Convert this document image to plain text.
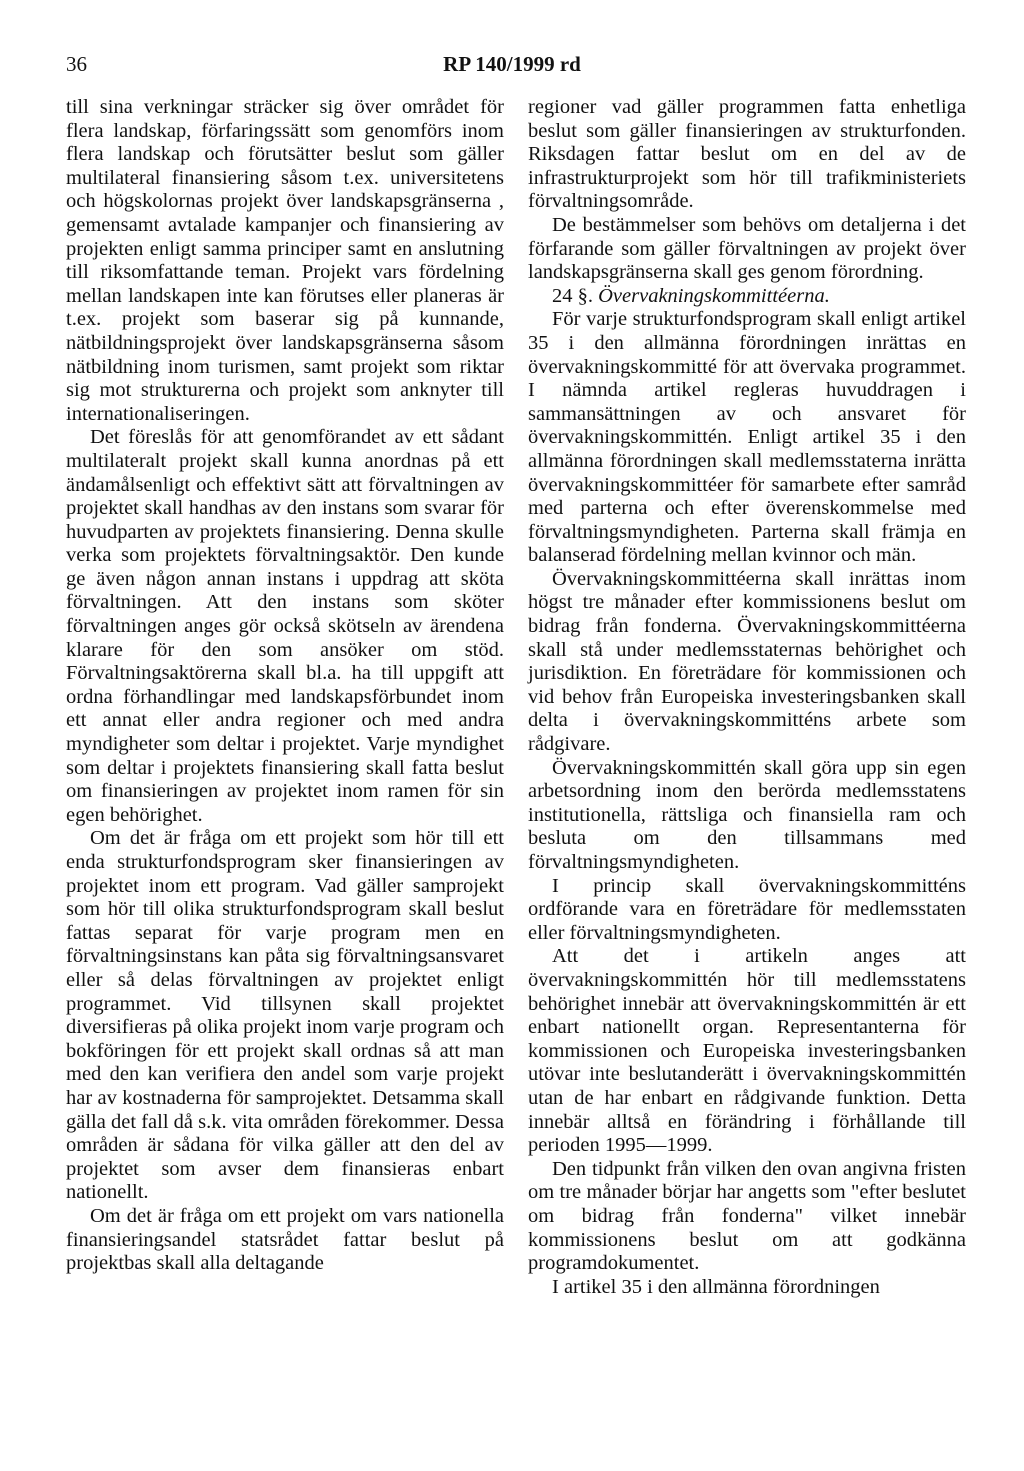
36	RP 140/1999 rd

till sina verkningar sträcker sig över området för flera landskap, förfaringssätt som genomförs inom flera landskap och förutsätter beslut som gäller multilateral finansiering såsom t.ex. universitetens och högskolornas projekt över landskapsgränserna , gemensamt avtalade kampanjer och finansiering av projekten enligt samma principer samt en anslutning till riksomfattande teman. Projekt vars fördelning mellan landskapen inte kan förutses eller planeras är t.ex. projekt som baserar sig på kunnande, nätbildningsprojekt över landskapsgränserna såsom nätbildning inom turismen, samt projekt som riktar sig mot strukturerna och projekt som anknyter till internationaliseringen.

Det föreslås för att genomförandet av ett sådant multilateralt projekt skall kunna anordnas på ett ändamålsenligt och effektivt sätt att förvaltningen av projektet skall handhas av den instans som svarar för huvudparten av projektets finansiering. Denna skulle verka som projektets förvaltningsaktör. Den kunde ge även någon annan instans i uppdrag att sköta förvaltningen. Att den instans som sköter förvaltningen anges gör också skötseln av ärendena klarare för den som ansöker om stöd. Förvaltningsaktörerna skall bl.a. ha till uppgift att ordna förhandlingar med landskapsförbundet inom ett annat eller andra regioner och med andra myndigheter som deltar i projektet. Varje myndighet som deltar i projektets finansiering skall fatta beslut om finansieringen av projektet inom ramen för sin egen behörighet.

Om det är fråga om ett projekt som hör till ett enda strukturfondsprogram sker finansieringen av projektet inom ett program. Vad gäller samprojekt som hör till olika strukturfondsprogram skall beslut fattas separat för varje program men en förvaltningsinstans kan påta sig förvaltningsansvaret eller så delas förvaltningen av projektet enligt programmet. Vid tillsynen skall projektet diversifieras på olika projekt inom varje program och bokföringen för ett projekt skall ordnas så att man med den kan verifiera den andel som varje projekt har av kostnaderna för samprojektet. Detsamma skall gälla det fall då s.k. vita områden förekommer. Dessa områden är sådana för vilka gäller att den del av projektet som avser dem finansieras enbart nationellt.

Om det är fråga om ett projekt om vars nationella finansieringsandel statsrådet fattar beslut på projektbas skall alla deltagande

regioner vad gäller programmen fatta enhetliga beslut som gäller finansieringen av strukturfonden. Riksdagen fattar beslut om en del av de infrastrukturprojekt som hör till trafikministeriets förvaltningsområde.

De bestämmelser som behövs om detaljerna i det förfarande som gäller förvaltningen av projekt över landskapsgränserna skall ges genom förordning.

24 §. Övervakningskommittéerna.

För varje strukturfondsprogram skall enligt artikel 35 i den allmänna förordningen inrättas en övervakningskommitté för att övervaka programmet. I nämnda artikel regleras huvuddragen i sammansättningen av och ansvaret för övervakningskommittén. Enligt artikel 35 i den allmänna förordningen skall medlemsstaterna inrätta övervakningskommittéer för samarbete efter samråd med parterna och efter överenskommelse med förvaltningsmyndigheten. Parterna skall främja en balanserad fördelning mellan kvinnor och män.

Övervakningskommittéerna skall inrättas inom högst tre månader efter kommissionens beslut om bidrag från fonderna. Övervakningskommittéerna skall stå under medlemsstaternas behörighet och jurisdiktion. En företrädare för kommissionen och vid behov från Europeiska investeringsbanken skall delta i övervakningskommitténs arbete som rådgivare.

Övervakningskommittén skall göra upp sin egen arbetsordning inom den berörda medlemsstatens institutionella, rättsliga och finansiella ram och besluta om den tillsammans med förvaltningsmyndigheten.

I princip skall övervakningskommitténs ordförande vara en företrädare för medlemsstaten eller förvaltningsmyndigheten.

Att det i artikeln anges att övervakningskommittén hör till medlemsstatens behörighet innebär att övervakningskommittén är ett enbart nationellt organ. Representanterna för kommissionen och Europeiska investeringsbanken utövar inte beslutanderätt i övervakningskommittén utan de har enbart en rådgivande funktion. Detta innebär alltså en förändring i förhållande till perioden 1995—1999.

Den tidpunkt från vilken den ovan angivna fristen om tre månader börjar har angetts som "efter beslutet om bidrag från fonderna" vilket innebär kommissionens beslut om att godkänna programdokumentet.

I artikel 35 i den allmänna förordningen
